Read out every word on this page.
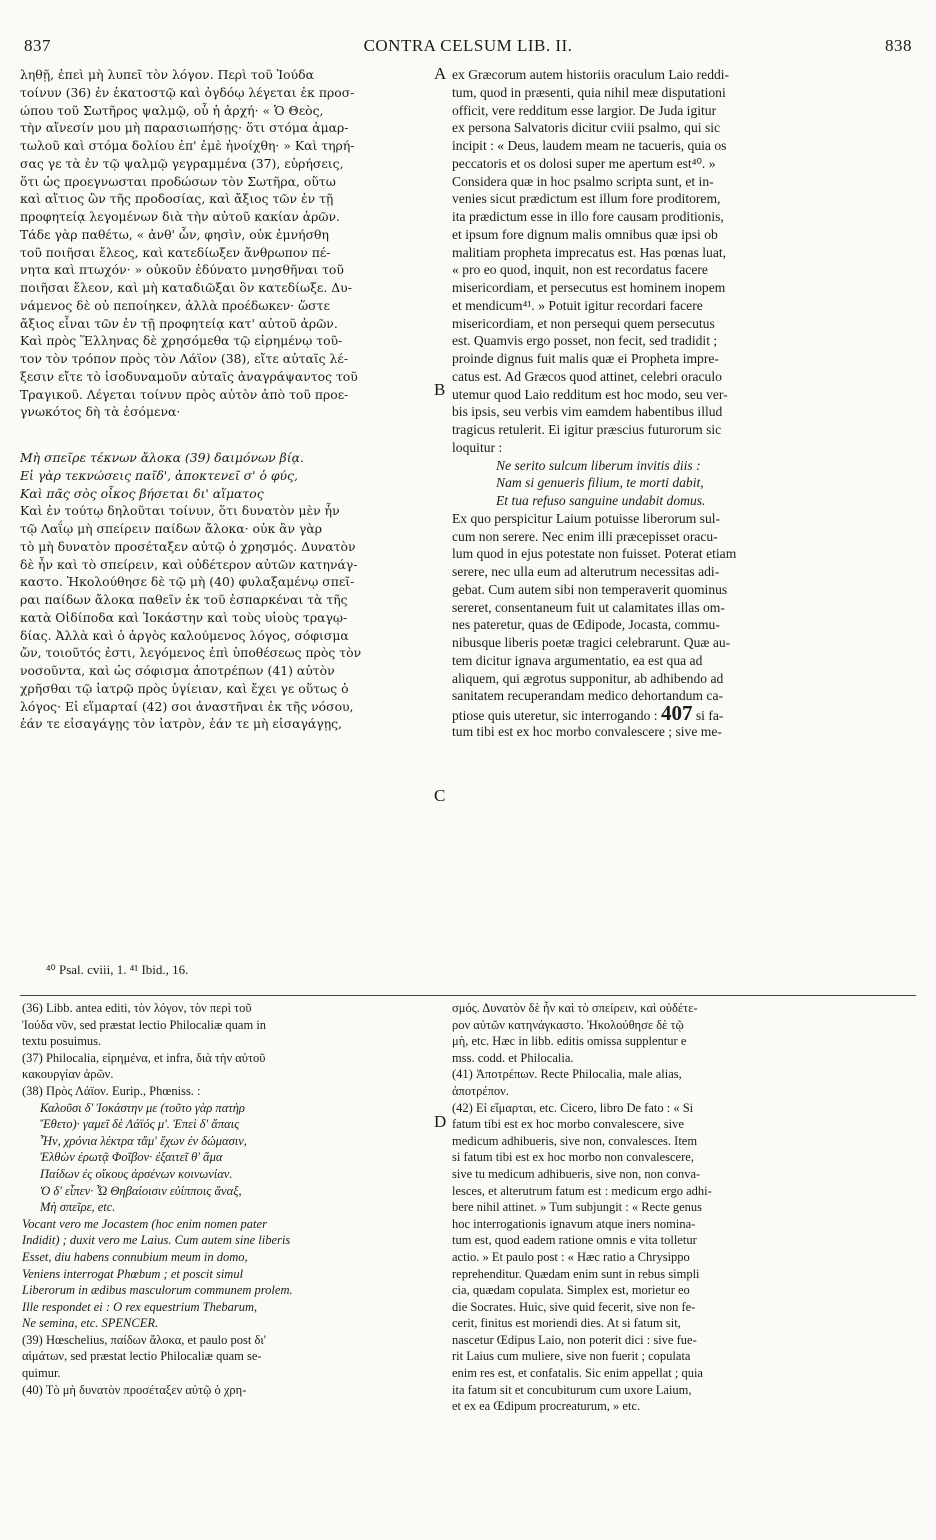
837	CONTRA CELSUM LIB. II.	838
ληθῇ, ἐπεὶ μὴ λυπεῖ τὸν λόγον. Περὶ τοῦ Ἰούδα
τοίνυν (36) ἐν ἑκατοστῷ καὶ ὀγδόῳ λέγεται ἐκ προσ-
ώπου τοῦ Σωτῆρος ψαλμῷ, οὗ ἡ ἀρχή· « Ὁ Θεὸς,
τὴν αἴνεσίν μου μὴ παρασιωπήσῃς· ὅτι στόμα ἁμαρ-
τωλοῦ καὶ στόμα δολίου ἐπ' ἐμὲ ἠνοίχθη· » Καὶ τηρή-
σας γε τὰ ἐν τῷ ψαλμῷ γεγραμμένα (37), εὑρήσεις,
ὅτι ὡς προεγνωσται προδώσων τὸν Σωτῆρα, οὕτω
καὶ αἴτιος ὢν τῆς προδοσίας, καὶ ἄξιος τῶν ἐν τῇ
προφητείᾳ λεγομένων διὰ τὴν αὐτοῦ κακίαν ἀρῶν.
Τάδε γὰρ παθέτω, « ἀνθ' ὧν, φησὶν, οὐκ ἐμνήσθη
τοῦ ποιῆσαι ἔλεος, καὶ κατεδίωξεν ἄνθρωπον πέ-
νητα καὶ πτωχόν· » οὐκοῦν ἐδύνατο μνησθῆναι τοῦ
ποιῆσαι ἔλεον, καὶ μὴ καταδιῶξαι ὃν κατεδίωξε. Δυ-
νάμενος δὲ οὐ πεποίηκεν, ἀλλὰ προέδωκεν· ὥστε
ἄξιος εἶναι τῶν ἐν τῇ προφητείᾳ κατ' αὐτοῦ ἀρῶν.
Καὶ πρὸς Ἕλληνας δὲ χρησόμεθα τῷ εἰρημένῳ τοῦ-
τον τὸν τρόπον πρὸς τὸν Λάϊον (38), εἴτε αὐταῖς λέ-
ξεσιν εἴτε τὸ ἰσοδυναμοῦν αὐταῖς ἀναγράψαντος τοῦ
Τραγικοῦ. Λέγεται τοίνυν πρὸς αὐτὸν ἀπὸ τοῦ προε-
γνωκότος δὴ τὰ ἐσόμενα·
Μὴ σπεῖρε τέκνων ἄλοκα (39) δαιμόνων βίᾳ.
Εἰ γὰρ τεκνώσεις παῖδ', ἀποκτενεῖ σ' ὁ φύς,
Καὶ πᾶς σὸς οἶκος βήσεται δι' αἵματος
Καὶ ἐν τούτῳ δηλοῦται τοίνυν, ὅτι δυνατὸν μὲν ἦν
τῷ Λαΐῳ μὴ σπείρειν παίδων ἄλοκα· οὐκ ἂν γὰρ
τὸ μὴ δυνατὸν προσέταξεν αὐτῷ ὁ χρησμός. Δυνατὸν
δὲ ἦν καὶ τὸ σπείρειν, καὶ οὐδέτερον αὐτῶν κατηνάγ-
καστο. Ἠκολούθησε δὲ τῷ μὴ (40) φυλαξαμένῳ σπεῖ-
ραι παίδων ἄλοκα παθεῖν ἐκ τοῦ ἐσπαρκέναι τὰ τῆς
κατὰ Οἰδίποδα καὶ Ἰοκάστην καὶ τοὺς υἱοὺς τραγῳ-
δίας. Ἀλλὰ καὶ ὁ ἀργὸς καλούμενος λόγος, σόφισμα
ὤν, τοιοῦτός ἐστι, λεγόμενος ἐπὶ ὑποθέσεως πρὸς τὸν
νοσοῦντα, καὶ ὡς σόφισμα ἀποτρέπων (41) αὐτὸν
χρῆσθαι τῷ ἰατρῷ πρὸς ὑγίειαν, καὶ ἔχει γε οὕτως ὁ
λόγος· Εἰ εἵμαρταί (42) σοι ἀναστῆναι ἐκ τῆς νόσου,
ἐάν τε εἰσαγάγῃς τὸν ἰατρὸν, ἐάν τε μὴ εἰσαγάγῃς,
ex Græcorum autem historiis oraculum Laio reddi-
tum, quod in præsenti, quia nihil meæ disputationi
officit, vere redditum esse largior. De Juda igitur
ex persona Salvatoris dicitur cviii psalmo, qui sic
incipit : « Deus, laudem meam ne tacueris, quia os
peccatoris et os dolosi super me apertum est⁴⁰. »
Considera quæ in hoc psalmo scripta sunt, et in-
venies sicut prædictum est illum fore proditorem,
ita prædictum esse in illo fore causam proditionis,
et ipsum fore dignum malis omnibus quæ ipsi ob
malitiam propheta imprecatus est. Has pœnas luat,
« pro eo quod, inquit, non est recordatus facere
misericordiam, et persecutus est hominem inopem
et mendicum⁴¹. » Potuit igitur recordari facere
misericordiam, et non persequi quem persecutus
est. Quamvis ergo posset, non fecit, sed tradidit ;
proinde dignus fuit malis quæ ei Propheta impre-
catus est. Ad Græcos quod attinet, celebri oraculo
utemur quod Laio redditum est hoc modo, seu ver-
bis ipsis, seu verbis vim eamdem habentibus illud
tragicus retulerit. Ei igitur præscius futurorum sic
loquitur :
Ne serito sulcum liberum invitis diis :
Nam si genueris filium, te morti dabit,
Et tua refuso sanguine undabit domus.
Ex quo perspicitur Laium potuisse liberorum sul-
cum non serere. Nec enim illi præcepisset oracu-
lum quod in ejus potestate non fuisset. Poterat etiam
serere, nec ulla eum ad alterutrum necessitas adi-
gebat. Cum autem sibi non temperaverit quominus
sereret, consentaneum fuit ut calamitates illas om-
nes pateretur, quas de Œdipode, Jocasta, commu-
nibusque liberis poetæ tragici celebrarunt. Quæ au-
tem dicitur ignava argumentatio, ea est qua ad
aliquem, qui ægrotus supponitur, ab adhibendo ad
sanitatem recuperandam medico dehortandum ca-
ptiose quis uteretur, sic interrogando : 407 si fa-
tum tibi est ex hoc morbo convalescere ; sive me-
A
B
C
D
⁴⁰ Psal. cviii, 1. ⁴¹ Ibid., 16.
(36) Libb. antea editi, τὸν λόγον, τὸν περὶ τοῦ
Ἰούδα νῦν, sed præstat lectio Philocaliæ quam in
textu posuimus.
(37) Philocalia, εἰρημένα, et infra, διὰ τὴν αὐτοῦ
κακουργίαν ἀρῶν.
(38) Πρὸς Λάϊον. Eurip., Phœniss. :
Καλοῦσι δ' Ἰοκάστην με (τοῦτο γὰρ πατὴρ
Ἔθετο)· γαμεῖ δὲ Λάϊός μ'. Ἐπεὶ δ' ἄπαις
Ἦν, χρόνια λέκτρα τἄμ' ἔχων ἐν δώμασιν,
Ἐλθὼν ἐρωτᾷ Φοῖβον· ἐξαιτεῖ θ' ἅμα
Παίδων ἐς οἴκους ἀρσένων κοινωνίαν.
Ὁ δ' εἶπεν· Ὦ Θηβαίοισιν εὐίπποις ἄναξ,
Μὴ σπεῖρε, etc.
Vocant vero me Jocastem (hoc enim nomen pater
Indidit) ; duxit vero me Laius. Cum autem sine liberis
Esset, diu habens connubium meum in domo,
Veniens interrogat Phœbum ; et poscit simul
Liberorum in ædibus masculorum communem prolem.
Ille respondet ei : O rex equestrium Thebarum,
Ne semina, etc. SPENCER.
(39) Hœschelius, παίδων ἄλοκα, et paulo post δι'
αἱμάτων, sed præstat lectio Philocaliæ quam se-
quimur.
(40) Τὸ μὴ δυνατὸν προσέταξεν αὐτῷ ὁ χρη-
σμός. Δυνατὸν δὲ ἦν καὶ τὸ σπείρειν, καὶ οὐδέτε-
ρον αὐτῶν κατηνάγκαστο. Ἠκολούθησε δὲ τῷ
μὴ, etc. Hæc in libb. editis omissa supplentur e
mss. codd. et Philocalia.
(41) Ἀποτρέπων. Recte Philocalia, male alias,
ἀποτρέπον.
(42) Εἰ εἵμαρται, etc. Cicero, libro De fato : « Si
fatum tibi est ex hoc morbo convalescere, sive
medicum adhibueris, sive non, convalesces. Item
si fatum tibi est ex hoc morbo non convalescere,
sive tu medicum adhibueris, sive non, non conva-
lesces, et alterutrum fatum est : medicum ergo adhi-
bere nihil attinet. » Tum subjungit : « Recte genus
hoc interrogationis ignavum atque iners nomina-
tum est, quod eadem ratione omnis e vita tolletur
actio. » Et paulo post : « Hæc ratio a Chrysippo
reprehenditur. Quædam enim sunt in rebus simpli
cia, quædam copulata. Simplex est, morietur eo
die Socrates. Huic, sive quid fecerit, sive non fe-
cerit, finitus est moriendi dies. At si fatum sit,
nascetur Œdipus Laio, non poterit dici : sive fue-
rit Laius cum muliere, sive non fuerit ; copulata
enim res est, et confatalis. Sic enim appellat ; quia
ita fatum sit et concubiturum cum uxore Laium,
et ex ea Œdipum procreaturum, » etc.
